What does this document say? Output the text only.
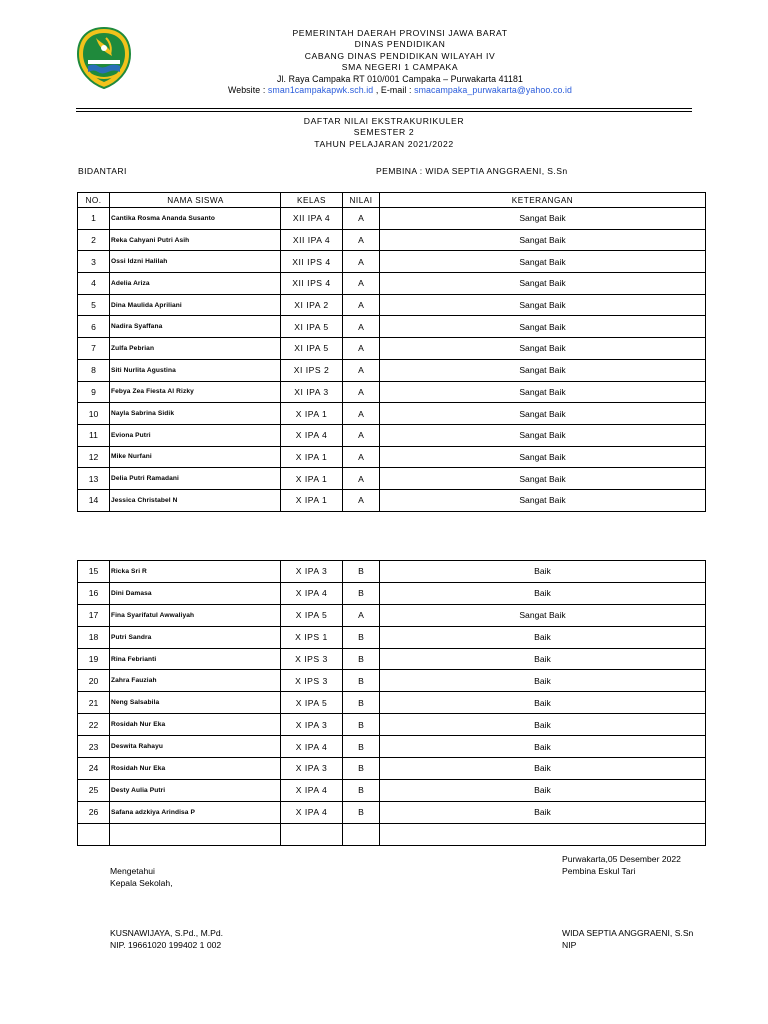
PEMERINTAH DAERAH PROVINSI JAWA BARAT
DINAS PENDIDIKAN
CABANG DINAS PENDIDIKAN WILAYAH IV
SMA NEGERI 1 CAMPAKA
Jl. Raya Campaka RT 010/001 Campaka – Purwakarta 41181
Website : sman1campakapwk.sch.id , E-mail : smacampaka_purwakarta@yahoo.co.id
DAFTAR NILAI EKSTRAKURIKULER
SEMESTER 2
TAHUN PELAJARAN 2021/2022
BIDANTARI	PEMBINA : WIDA SEPTIA ANGGRAENI, S.Sn
NO.	NAMA SISWA	KELAS	NILAI	KETERANGAN
1	Cantika Rosma Ananda Susanto	XII IPA 4	A	Sangat Baik
2	Reka Cahyani Putri Asih	XII IPA 4	A	Sangat Baik
3	Ossi Idzni Halilah	XII IPS 4	A	Sangat Baik
4	Adelia Ariza	XII IPS 4	A	Sangat Baik
5	Dina Maulida Apriliani	XI IPA 2	A	Sangat Baik
6	Nadira Syaffana	XI IPA 5	A	Sangat Baik
7	Zulfa Pebrian	XI IPA 5	A	Sangat Baik
8	Siti Nurlita Agustina	XI IPS 2	A	Sangat Baik
9	Febya Zea Fiesta Al Rizky	XI IPA 3	A	Sangat Baik
10	Nayla Sabrina Sidik	X IPA 1	A	Sangat Baik
11	Eviona Putri	X IPA 4	A	Sangat Baik
12	Mike Nurfani	X IPA 1	A	Sangat Baik
13	Delia Putri Ramadani	X IPA 1	A	Sangat Baik
14	Jessica Christabel N	X IPA 1	A	Sangat Baik
15	Ricka Sri R	X IPA 3	B	Baik
16	Dini Damasa	X IPA 4	B	Baik
17	Fina Syarifatul Awwaliyah	X IPA 5	A	Sangat Baik
18	Putri Sandra	X IPS 1	B	Baik
19	Rina Febrianti	X IPS 3	B	Baik
20	Zahra Fauziah	X IPS 3	B	Baik
21	Neng Salsabila	X IPA 5	B	Baik
22	Rosidah Nur Eka	X IPA 3	B	Baik
23	Deswita Rahayu	X IPA 4	B	Baik
24	Rosidah Nur Eka	X IPA 3	B	Baik
25	Desty Aulia Putri	X IPA 4	B	Baik
26	Safana adzkiya Arindisa P	X IPA 4	B	Baik

Mengetahui
Kepala Sekolah,
KUSNAWIJAYA, S.Pd., M.Pd.
NIP. 19661020 199402 1 002
Purwakarta,05 Desember 2022
Pembina Eskul Tari
WIDA SEPTIA ANGGRAENI, S.Sn
NIP
